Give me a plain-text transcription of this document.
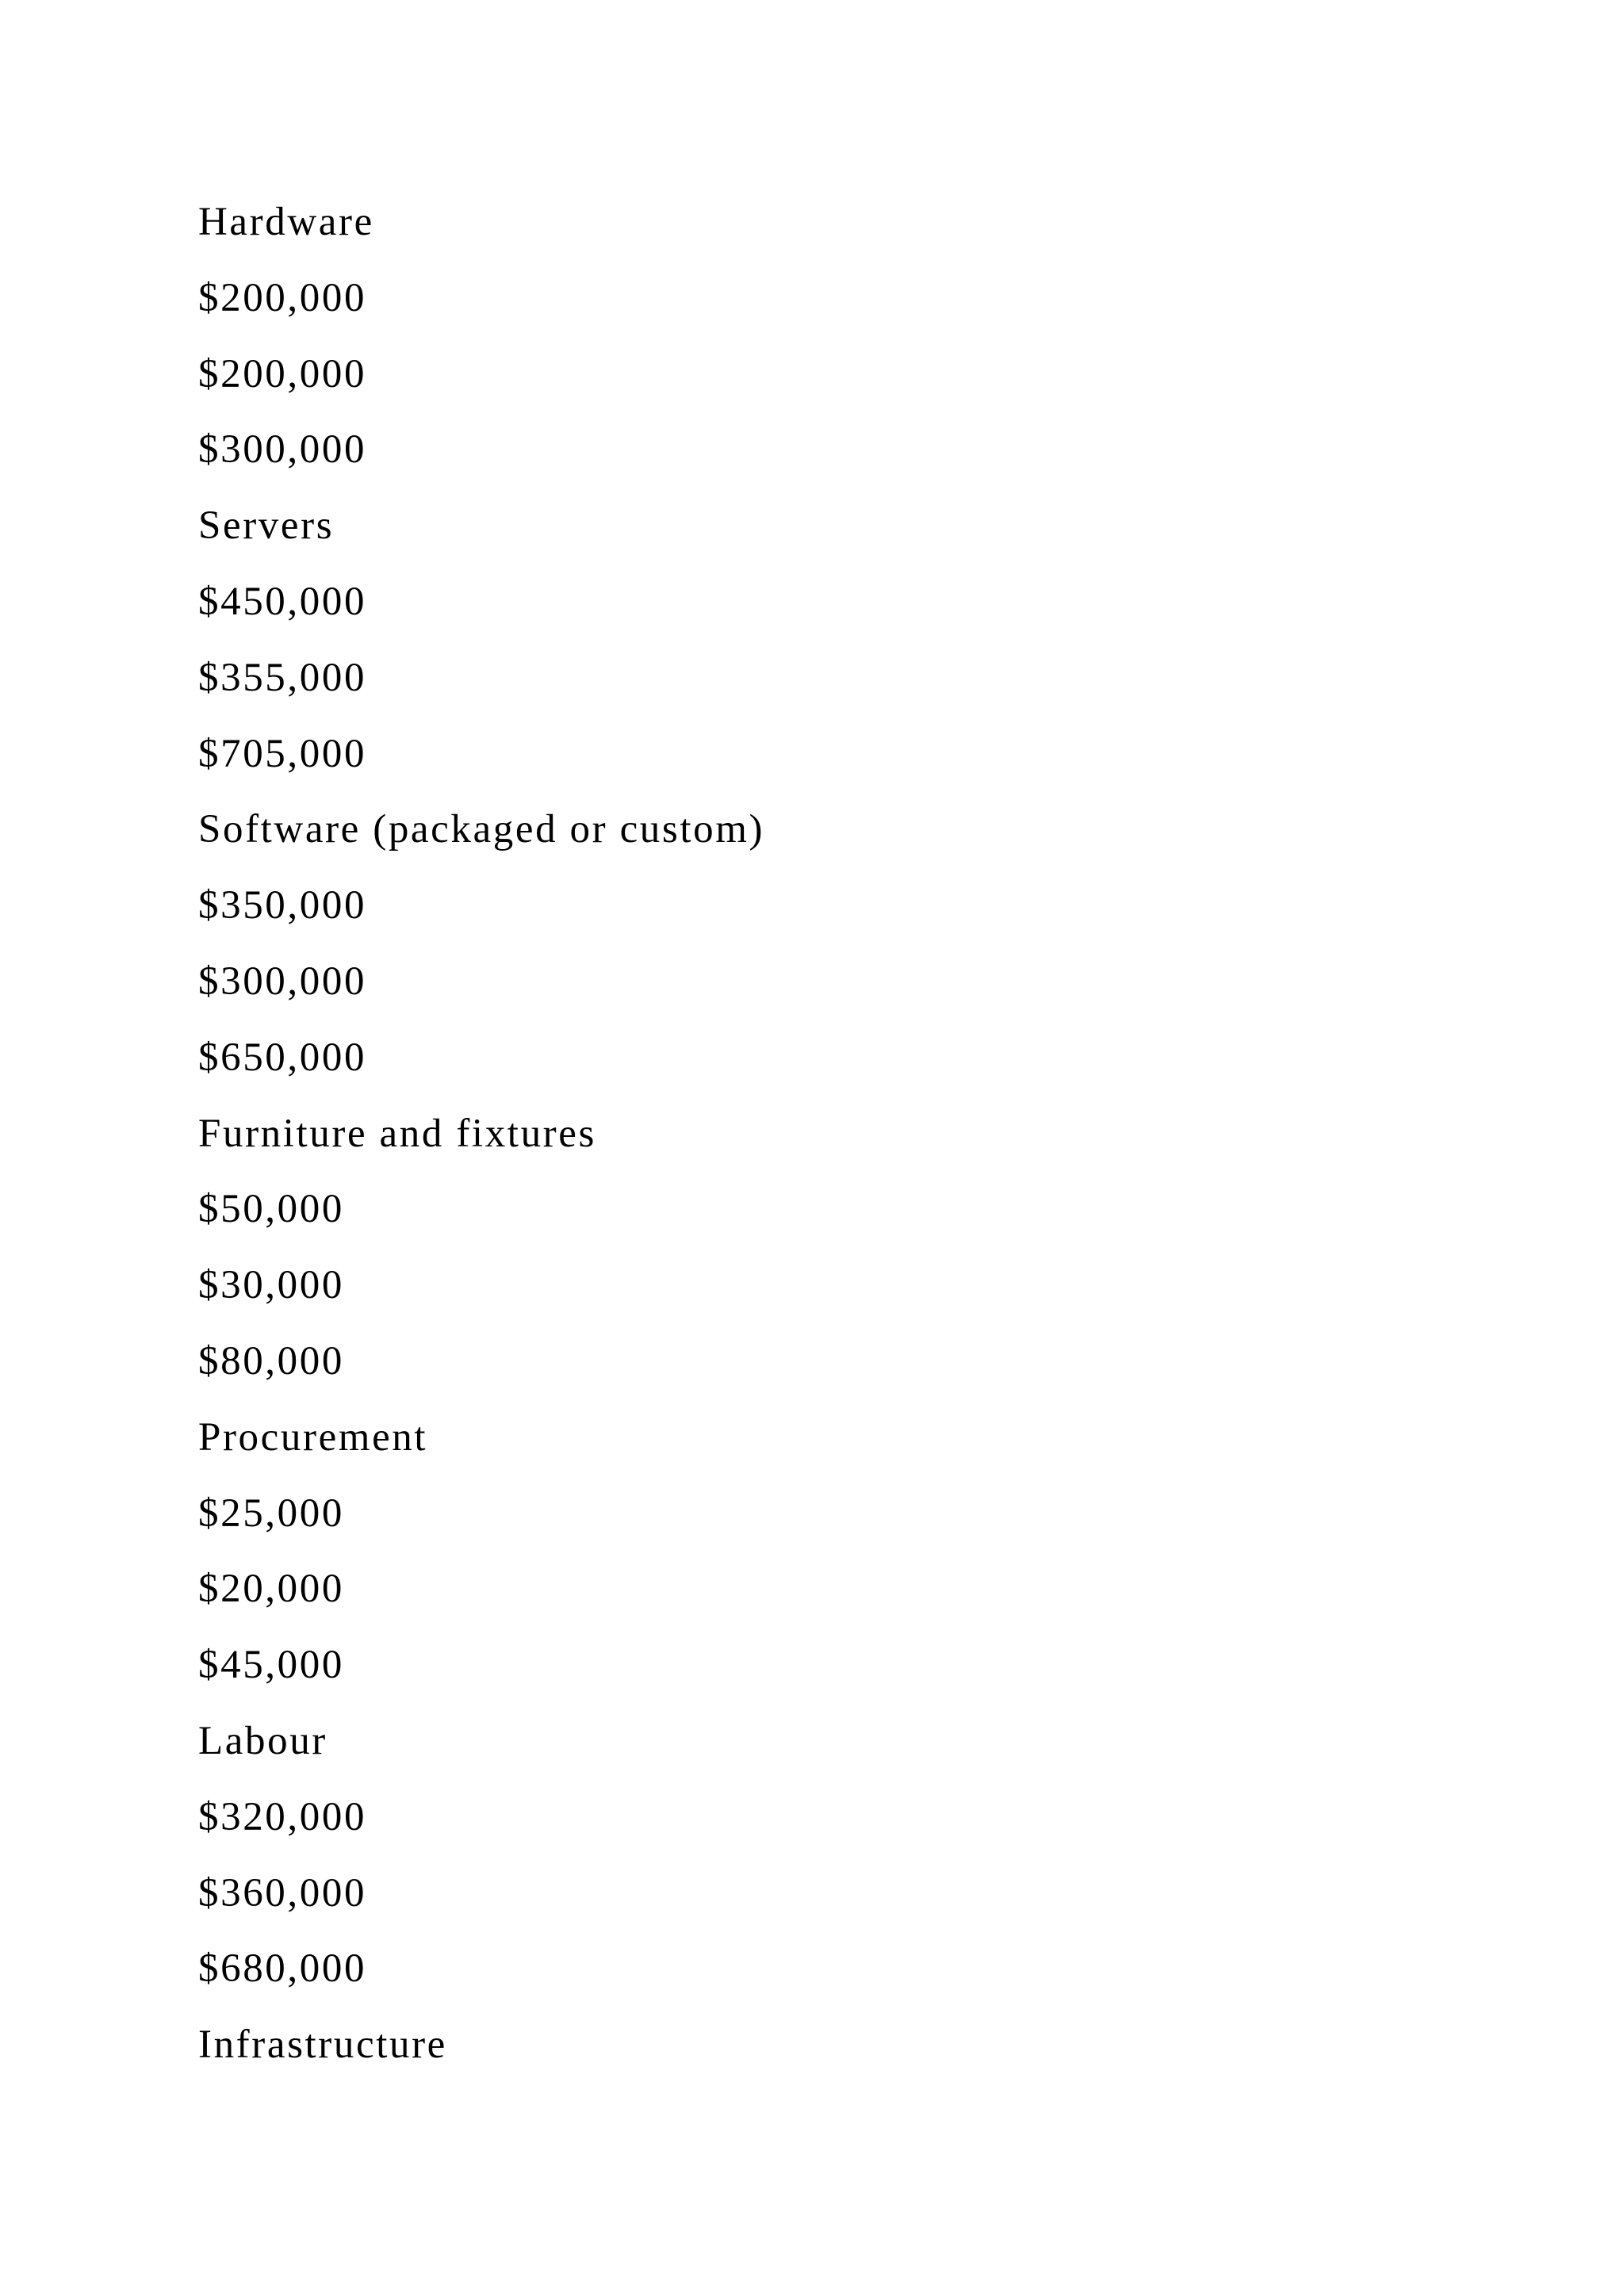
Hardware
$200,000
$200,000
$300,000
Servers
$450,000
$355,000
$705,000
Software (packaged or custom)
$350,000
$300,000
$650,000
Furniture and fixtures
$50,000
$30,000
$80,000
Procurement
$25,000
$20,000
$45,000
Labour
$320,000
$360,000
$680,000
Infrastructure
